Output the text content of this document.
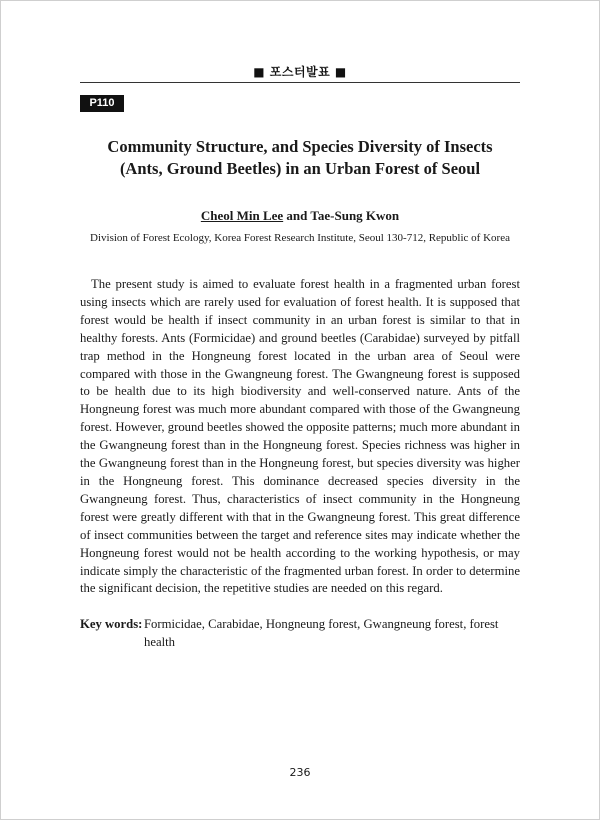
■ 포스터발표 ■
P110
Community Structure, and Species Diversity of Insects
(Ants, Ground Beetles) in an Urban Forest of Seoul
Cheol Min Lee and Tae-Sung Kwon
Division of Forest Ecology, Korea Forest Research Institute, Seoul 130-712, Republic of Korea

The present study is aimed to evaluate forest health in a fragmented urban forest using insects which are rarely used for evaluation of forest health. It is supposed that forest would be health if insect community in an urban forest is similar to that in healthy forests. Ants (Formicidae) and ground beetles (Carabidae) surveyed by pitfall trap method in the Hongneung forest located in the urban area of Seoul were compared with those in the Gwangneung forest. The Gwangneung forest is supposed to be health due to its high biodiversity and well-conserved nature. Ants of the Hongneung forest was much more abundant compared with those of the Gwangneung forest. However, ground beetles showed the opposite patterns; much more abundant in the Gwangneung forest than in the Hongneung forest. Species richness was higher in the Gwangneung forest than in the Hongneung forest, but species diversity was higher in the Hongneung forest. This dominance decreased species diversity in the Gwangneung forest. Thus, characteristics of insect community in the Hongneung forest were greatly different with that in the Gwangneung forest. This great difference of insect communities between the target and reference sites may indicate whether the Hongneung forest would not be health according to the working hypothesis, or may indicate simply the characteristic of the fragmented urban forest. In order to determine the significant decision, the repetitive studies are needed on this regard.

Key words: Formicidae, Carabidae, Hongneung forest, Gwangneung forest, forest health
236
